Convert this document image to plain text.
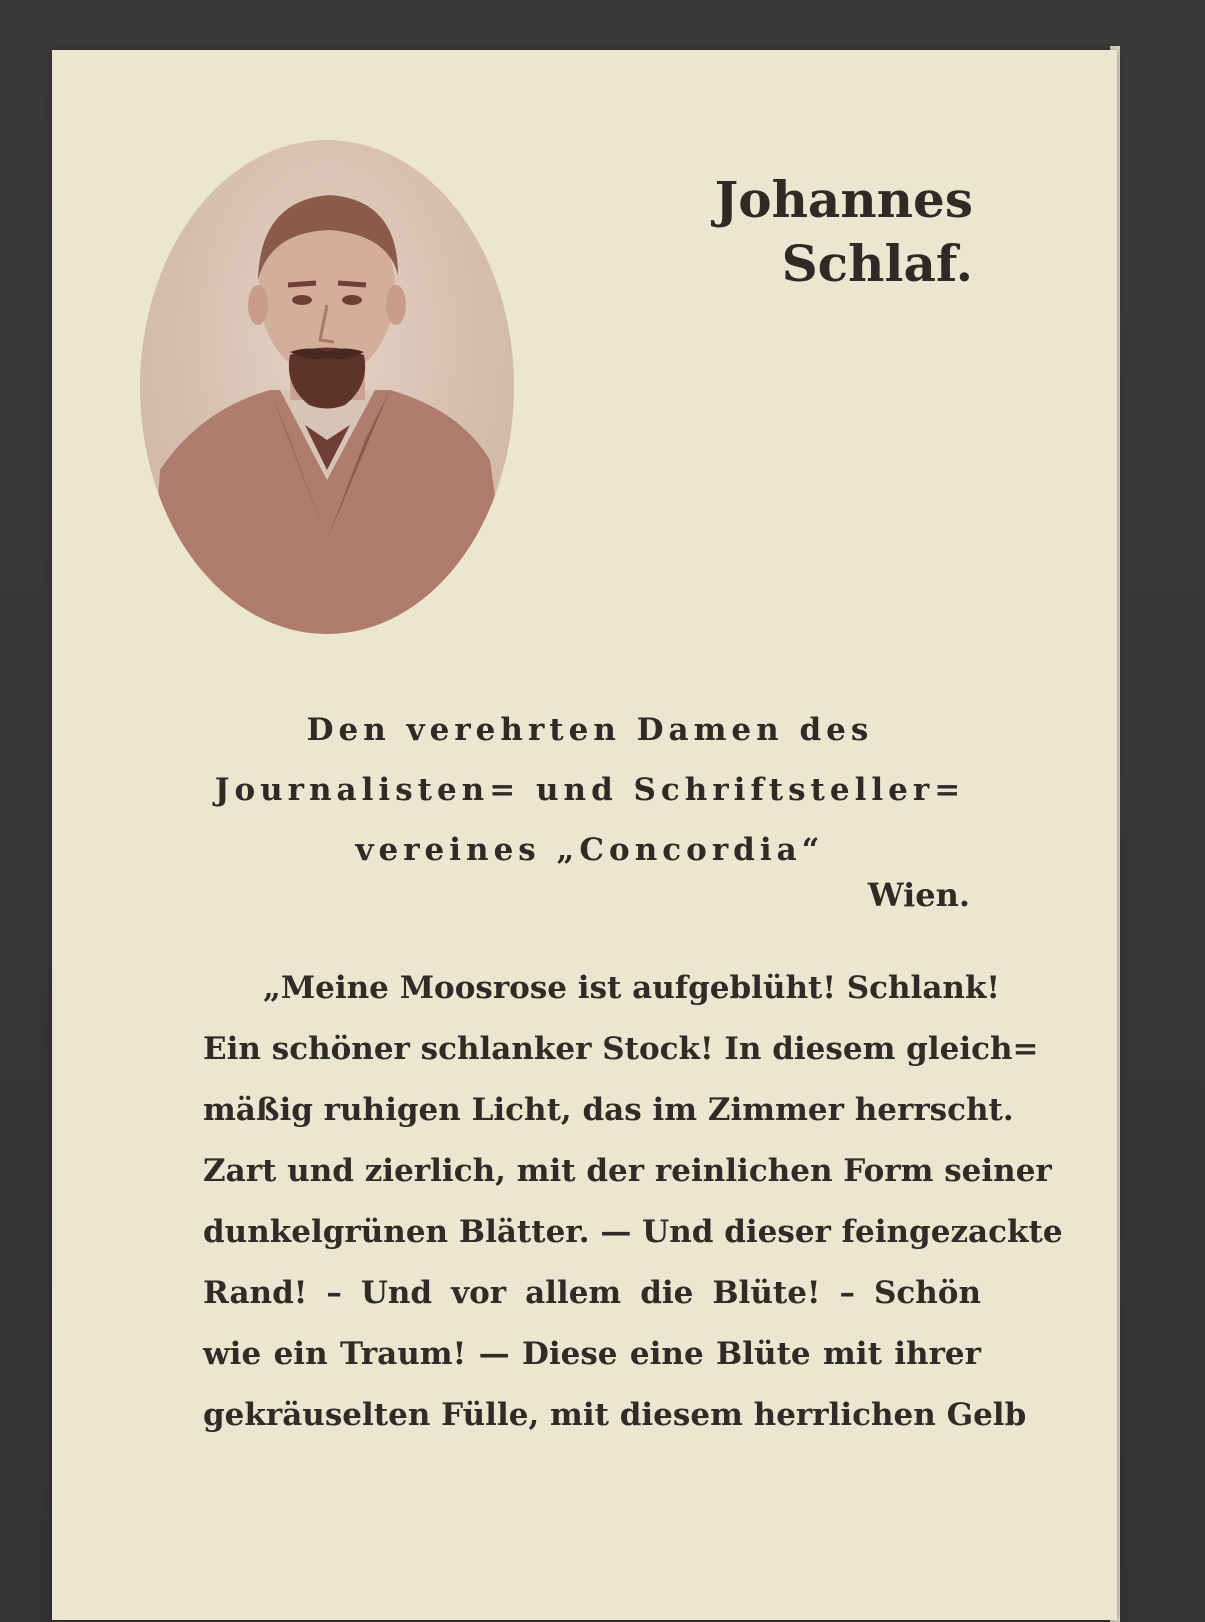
Johannes
Schlaf.
Den verehrten Damen des
Journalisten= und Schriftsteller=
vereines „Concordia“
Wien.
„Meine Moosrose ist aufgeblüht! Schlank!
Ein schöner schlanker Stock! In diesem gleich=
mäßig ruhigen Licht, das im Zimmer herrscht.
Zart und zierlich, mit der reinlichen Form seiner
dunkelgrünen Blätter. — Und dieser feingezackte
Rand! – Und vor allem die Blüte! – Schön
wie ein Traum! — Diese eine Blüte mit ihrer
gekräuselten Fülle, mit diesem herrlichen Gelb
